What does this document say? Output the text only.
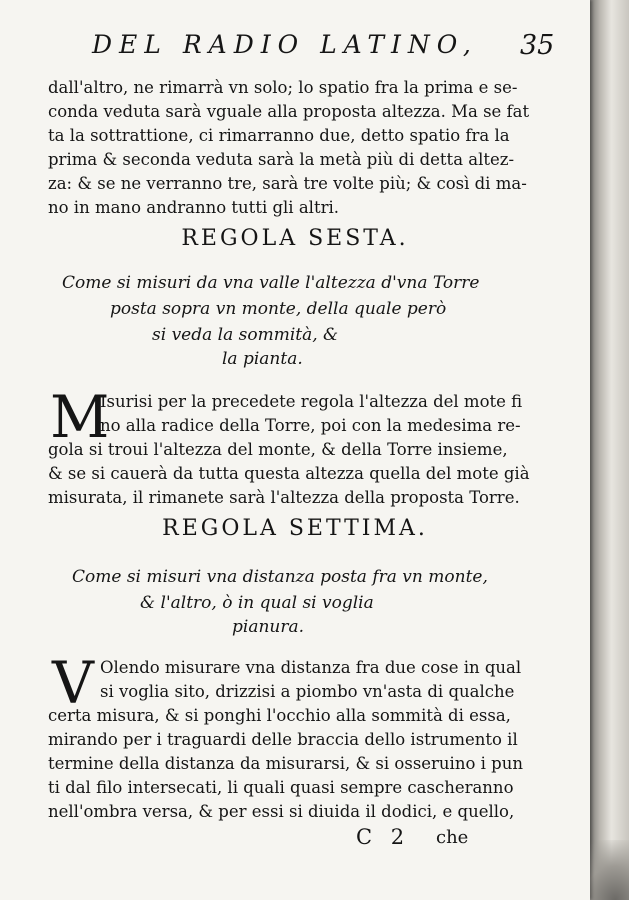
DEL RADIO LATINO,	35
dall'altro, ne rimarrà vn solo; lo spatio fra la prima e se-
conda veduta sarà vguale alla proposta altezza. Ma se fat
ta la sottrattione, ci rimarranno due, detto spatio fra la
prima & seconda veduta sarà la metà più di detta altez-
za: & se ne verranno tre, sarà tre volte più; & così di ma-
no in mano andranno tutti gli altri.
REGOLA SESTA.
Come si misuri da vna valle l'altezza d'vna Torre
posta sopra vn monte, della quale però
si veda la sommità, &
la pianta.
M
Isurisi per la precedete regola l'altezza del mote fi
no alla radice della Torre, poi con la medesima re-
gola si troui l'altezza del monte, & della Torre insieme,
& se si cauerà da tutta questa altezza quella del mote già
misurata, il rimanete sarà l'altezza della proposta Torre.
REGOLA SETTIMA.
Come si misuri vna distanza posta fra vn monte,
& l'altro, ò in qual si voglia
pianura.
V Olendo misurare vna distanza fra due cose in qual
si voglia sito, drizzisi a piombo vn'asta di qualche
certa misura, & si ponghi l'occhio alla sommità di essa,
mirando per i traguardi delle braccia dello istrumento il
termine della distanza da misurarsi, & si osseruino i pun
ti dal filo intersecati, li quali quasi sempre cascheranno
nell'ombra versa, & per essi si diuida il dodici, e quello,
C 2 che
